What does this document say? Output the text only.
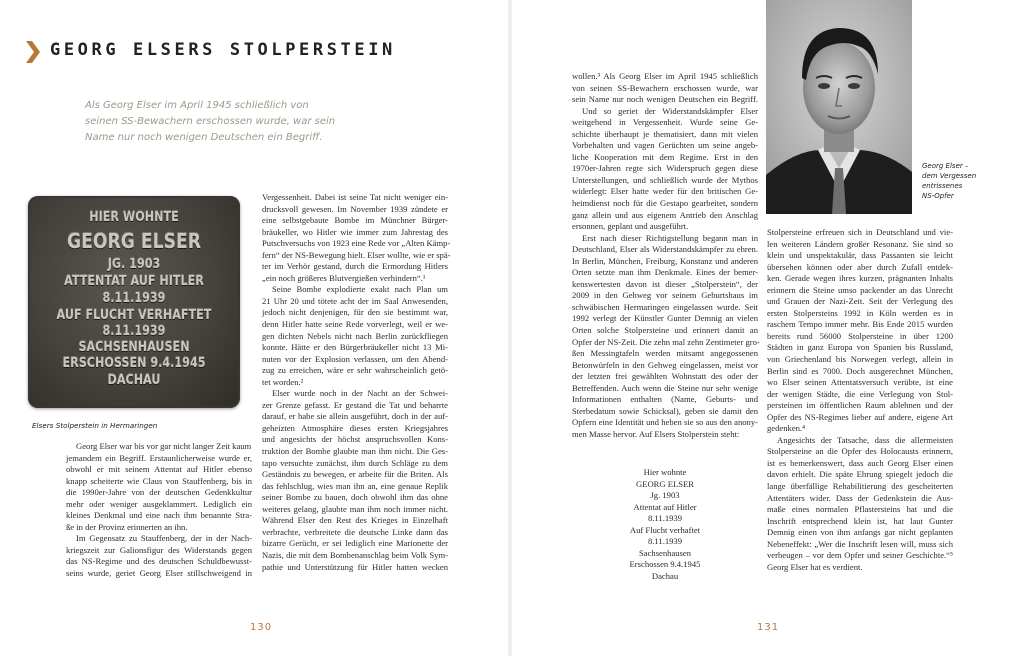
GEORG ELSERS STOLPERSTEIN
Als Georg Elser im April 1945 schließlich von
seinen SS-Bewachern erschossen wurde, war sein
Name nur noch wenigen Deutschen ein Begriff.
HIER WOHNTE
GEORG ELSER
JG. 1903
ATTENTAT AUF HITLER
8.11.1939
AUF FLUCHT VERHAFTET
8.11.1939
SACHSENHAUSEN
ERSCHOSSEN 9.4.1945
DACHAU
Elsers Stolperstein in Hermaringen
Georg Elser war bis vor gar nicht langer Zeit kaum
jemandem ein Begriff. Erstaunlicherweise wurde er,
obwohl er mit seinem Attentat auf Hitler ebenso
knapp scheiterte wie Claus von Stauffenberg, bis in
die 1990er-Jahre von der deutschen Gedenkkultur
mehr oder weniger ausgeklammert. Lediglich ein
kleines Denkmal und eine nach ihm benannte Stra-
ße in der Provinz erinnerten an ihn.
Im Gegensatz zu Stauffenberg, der in der Nach-
kriegszeit zur Galionsfigur des Widerstands gegen
das NS-Regime und des deutschen Schuldbewusst-
seins wurde, geriet Georg Elser stillschweigend in
Vergessenheit. Dabei ist seine Tat nicht weniger ein-
drucksvoll gewesen. Im November 1939 zündete er
eine selbstgebaute Bombe im Münchner Bürger-
bräukeller, wo Hitler wie immer zum Jahrestag des
Putschversuchs von 1923 eine Rede vor „Alten Kämp-
fern“ der NS-Bewegung hielt. Elser wollte, wie er spä-
ter im Verhör gestand, durch die Ermordung Hitlers
„ein noch größeres Blutvergießen verhindern“.¹
Seine Bombe explodierte exakt nach Plan um
21 Uhr 20 und tötete acht der im Saal Anwesenden,
jedoch nicht denjenigen, für den sie bestimmt war,
denn Hitler hatte seine Rede vorverlegt, weil er we-
gen dichten Nebels nicht nach Berlin zurückfliegen
konnte. Hätte er den Bürgerbräukeller nicht 13 Mi-
nuten vor der Explosion verlassen, um den Abend-
zug zu erreichen, wäre er sehr wahrscheinlich getö-
tet worden.²
Elser wurde noch in der Nacht an der Schwei-
zer Grenze gefasst. Er gestand die Tat und beharrte
darauf, er habe sie allein ausgeführt, doch in der auf-
geheizten Atmosphäre dieses ersten Kriegsjahres
und angesichts der höchst anspruchsvollen Kons-
truktion der Bombe glaubte man ihm nicht. Die Ges-
tapo versuchte zunächst, ihm durch Schläge zu dem
Geständnis zu bewegen, er arbeite für die Briten. Als
das fehlschlug, wies man ihn an, eine genaue Replik
seiner Bombe zu bauen, doch obwohl ihm das ohne
weiteres gelang, glaubte man ihm noch immer nicht.
Während Elser den Rest des Krieges in Einzelhaft
verbrachte, verbreitete die deutsche Linke dann das
bizarre Gerücht, er sei lediglich eine Marionette der
Nazis, die mit dem Bombenanschlag beim Volk Sym-
pathie und Unterstützung für Hitler hatten wecken
130
wollen.³ Als Georg Elser im April 1945 schließlich
von seinen SS-Bewachern erschossen wurde, war
sein Name nur noch wenigen Deutschen ein Begriff.
Und so geriet der Widerstandskämpfer Elser
weitgehend in Vergessenheit. Wurde seine Ge-
schichte überhaupt je thematisiert, dann mit vielen
Vorbehalten und vagen Gerüchten um seine angeb-
liche Kooperation mit dem Regime. Erst in den
1970er-Jahren regte sich Widerspruch gegen diese
Unterstellungen, und schließlich wurde der Mythos
widerlegt: Elser hatte weder für den britischen Ge-
heimdienst noch für die Gestapo gearbeitet, sondern
ganz allein und aus eigenem Antrieb den Anschlag
ersonnen, geplant und ausgeführt.
Erst nach dieser Richtigstellung begann man in
Deutschland, Elser als Widerstandskämpfer zu ehren.
In Berlin, München, Freiburg, Konstanz und anderen
Orten setzte man ihm Denkmale. Eines der bemer-
kenswertesten davon ist dieser „Stolperstein“, der
2009 in den Gehweg vor seinem Geburtshaus im
schwäbischen Hermaringen eingelassen wurde. Seit
1992 verlegt der Künstler Gunter Demnig an vielen
Orten solche Stolpersteine und erinnert damit an
Opfer der NS-Zeit. Die zehn mal zehn Zentimeter gro-
ßen Messingtafeln werden mitsamt angegossenen
Betonwürfeln in den Gehweg eingelassen, meist vor
der letzten frei gewählten Wohnstatt des oder der
Betreffenden. Auch wenn die Steine nur sehr wenige
Informationen enthalten (Name, Geburts- und
Sterbedatum sowie Schicksal), geben sie damit den
Opfern eine Identität und heben sie so aus den anony-
men Masse hervor. Auf Elsers Stolperstein steht:
Hier wohnte
GEORG ELSER
Jg. 1903
Attentat auf Hitler
8.11.1939
Auf Flucht verhaftet
8.11.1939
Sachsenhausen
Erschossen 9.4.1945
Dachau
Georg Elser –
dem Vergessen
entrissenes
NS-Opfer
Stolpersteine erfreuen sich in Deutschland und vie-
len weiteren Ländern großer Resonanz. Sie sind so
klein und unspektakulär, dass Passanten sie leicht
übersehen können oder aber durch Zufall entdek-
ken. Gerade wegen ihres kurzen, prägnanten Inhalts
erinnern die Steine umso packender an das Unrecht
und Grauen der Nazi-Zeit. Seit der Verlegung des
ersten Stolpersteins 1992 in Köln werden es in
raschem Tempo immer mehr. Bis Ende 2015 wurden
bereits rund 56000 Stolpersteine in über 1200
Städten in ganz Europa von Spanien bis Russland,
von Griechenland bis Norwegen verlegt, allein in
Berlin sind es 7000. Doch ausgerechnet München,
wo Elser seinen Attentatsversuch verübte, ist eine
der wenigen Städte, die eine Verlegung von Stol-
persteinen im öffentlichen Raum ablehnen und der
Opfer des NS-Regimes lieber auf andere, eigene Art
gedenken.⁴
Angesichts der Tatsache, dass die allermeisten
Stolpersteine an die Opfer des Holocausts erinnern,
ist es bemerkenswert, dass auch Georg Elser einen
davon erhielt. Die späte Ehrung spiegelt jedoch die
lange überfällige Rehabilitierung des gescheiterten
Attentäters wider. Dass der Gedenkstein die Aus-
maße eines normalen Pflastersteins hat und die
Inschrift entsprechend klein ist, hat laut Gunter
Demnig einen von ihm anfangs gar nicht geplanten
Nebeneffekt: „Wer die Inschrift lesen will, muss sich
verbeugen – vor dem Opfer und seiner Geschichte.“⁵
Georg Elser hat es verdient.
131
